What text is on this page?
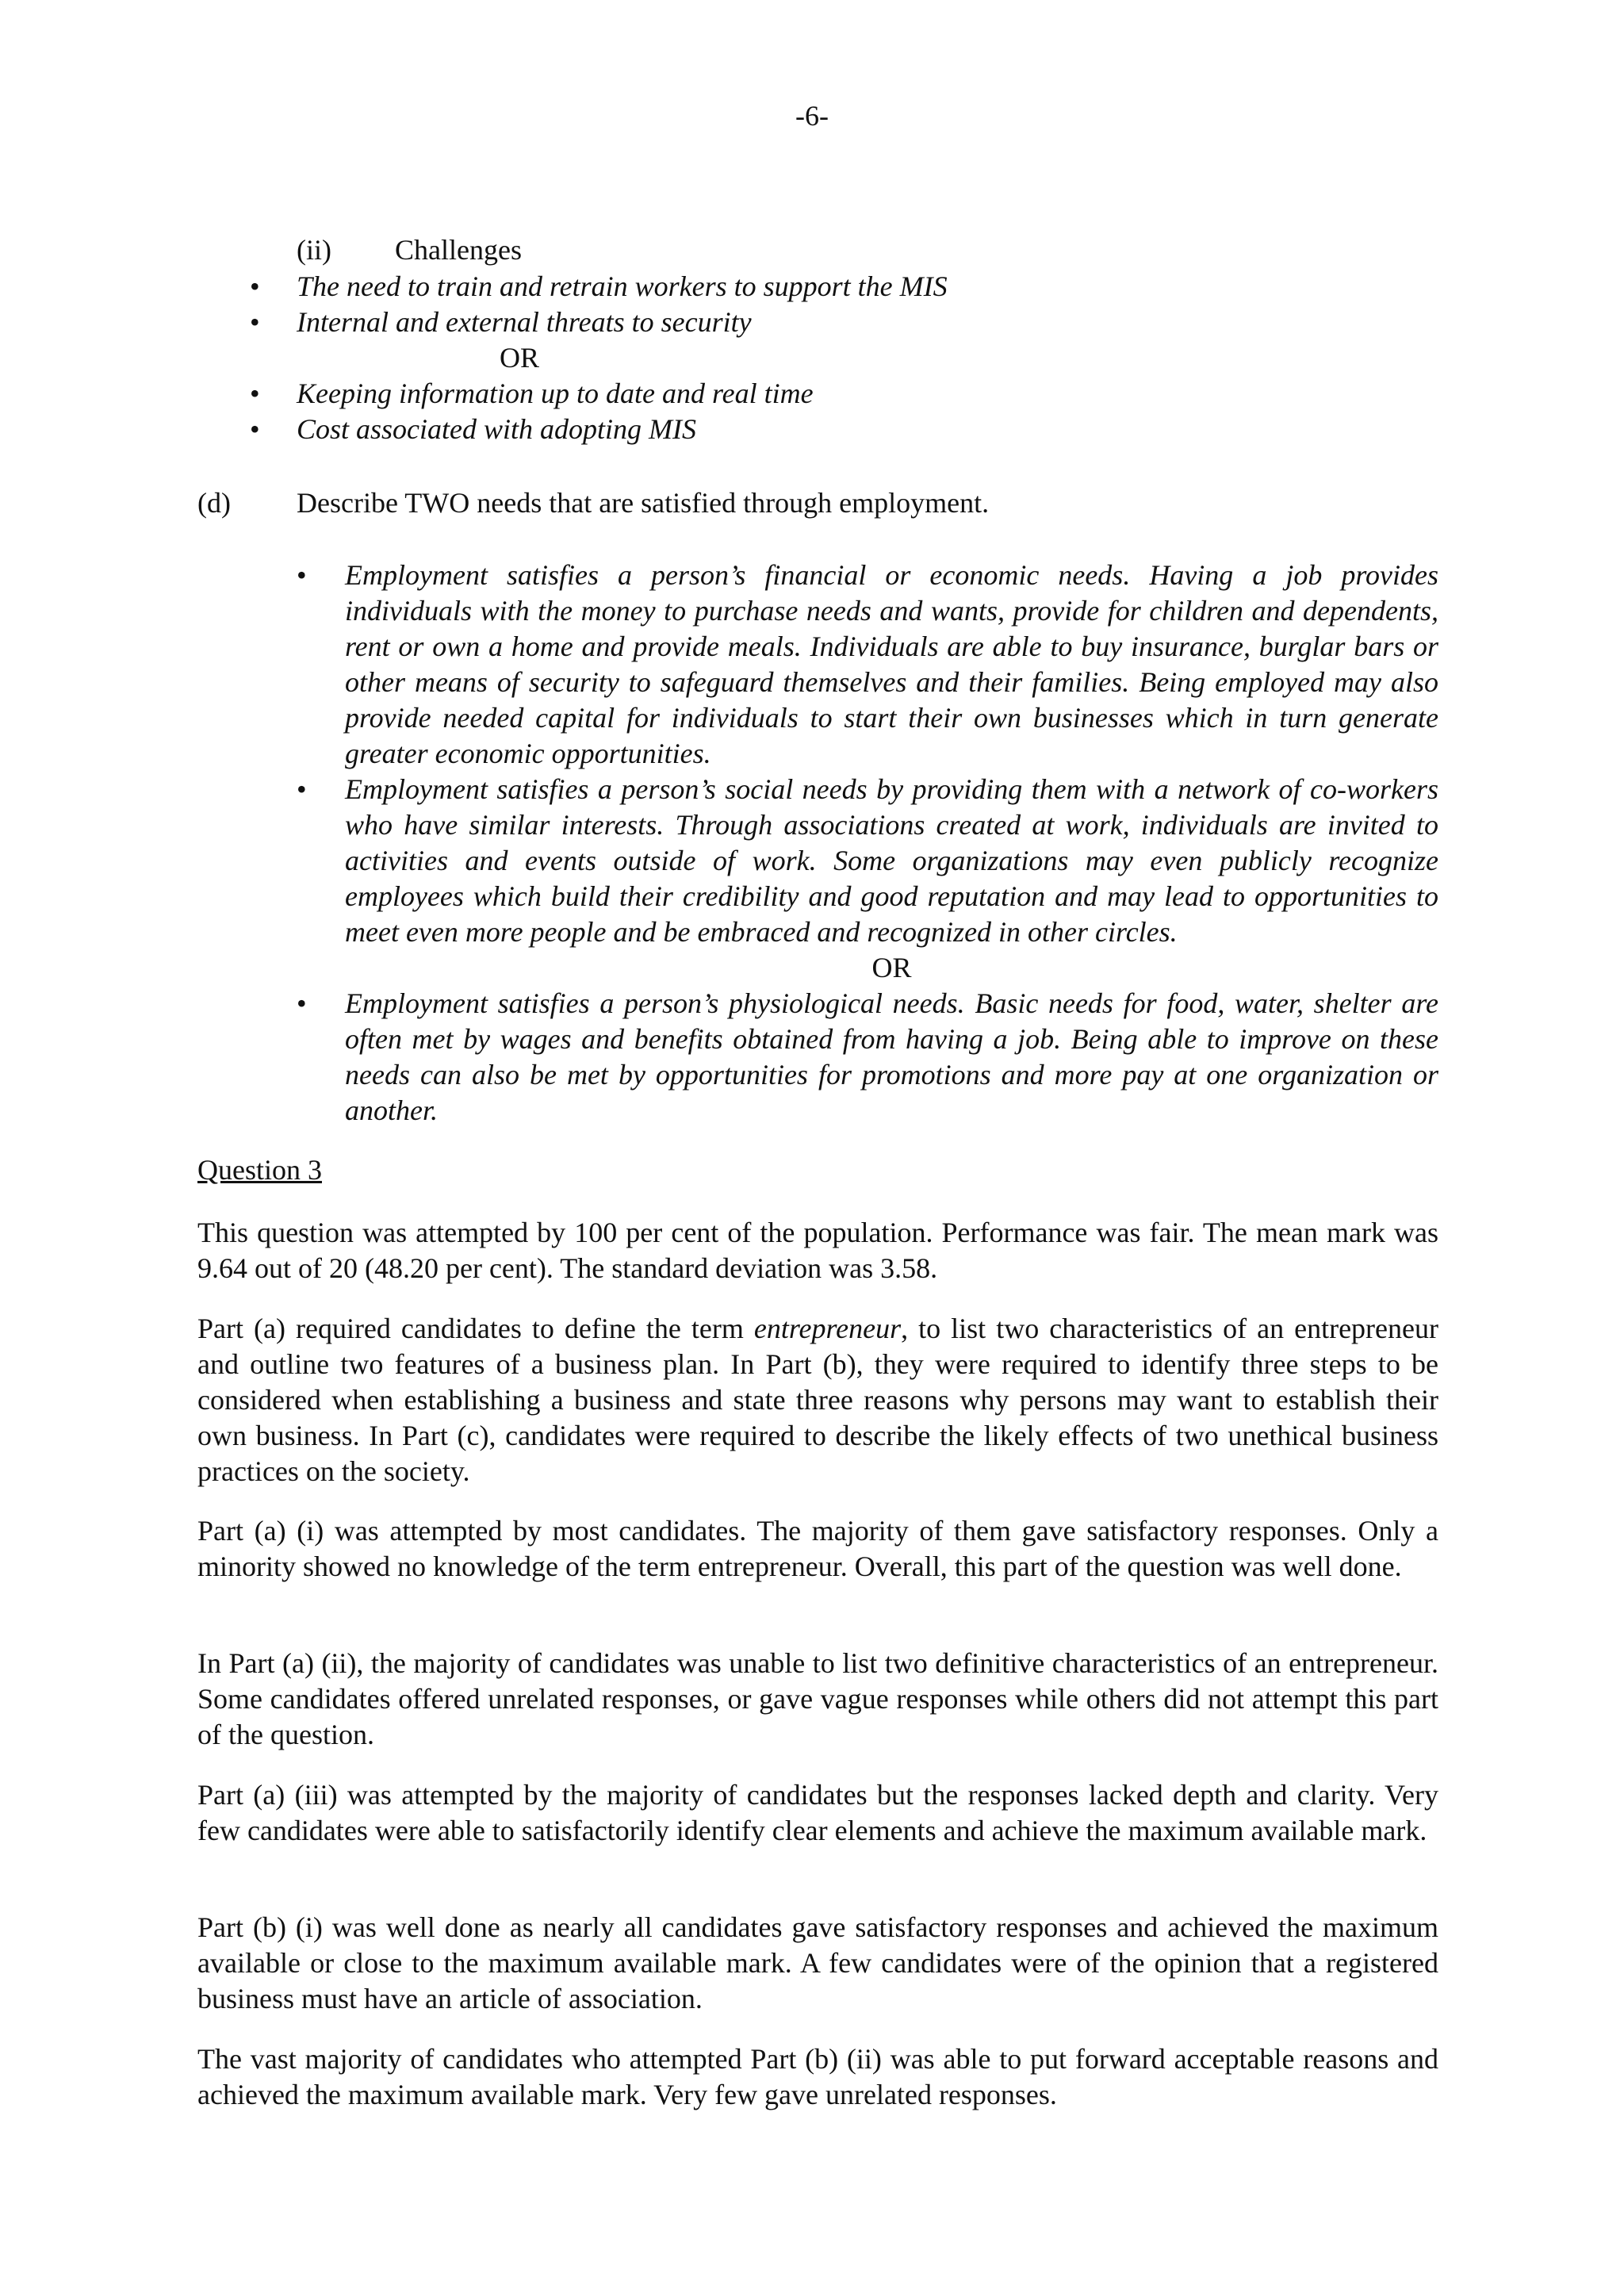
-6-
(ii) Challenges
• The need to train and retrain workers to support the MIS
• Internal and external threats to security
OR
• Keeping information up to date and real time
• Cost associated with adopting MIS
(d) Describe TWO needs that are satisfied through employment.
• Employment satisfies a person’s financial or economic needs. Having a job provides individuals with the money to purchase needs and wants, provide for children and dependents, rent or own a home and provide meals. Individuals are able to buy insurance, burglar bars or other means of security to safeguard themselves and their families. Being employed may also provide needed capital for individuals to start their own businesses which in turn generate greater economic opportunities.
• Employment satisfies a person’s social needs by providing them with a network of co-workers who have similar interests. Through associations created at work, individuals are invited to activities and events outside of work. Some organizations may even publicly recognize employees which build their credibility and good reputation and may lead to opportunities to meet even more people and be embraced and recognized in other circles.
OR
• Employment satisfies a person’s physiological needs. Basic needs for food, water, shelter are often met by wages and benefits obtained from having a job. Being able to improve on these needs can also be met by opportunities for promotions and more pay at one organization or another.
Question 3

This question was attempted by 100 per cent of the population. Performance was fair. The mean mark was 9.64 out of 20 (48.20 per cent). The standard deviation was 3.58.

Part (a) required candidates to define the term entrepreneur, to list two characteristics of an entrepreneur and outline two features of a business plan. In Part (b), they were required to identify three steps to be considered when establishing a business and state three reasons why persons may want to establish their own business. In Part (c), candidates were required to describe the likely effects of two unethical business practices on the society.

Part (a) (i) was attempted by most candidates. The majority of them gave satisfactory responses. Only a minority showed no knowledge of the term entrepreneur. Overall, this part of the question was well done.

In Part (a) (ii), the majority of candidates was unable to list two definitive characteristics of an entrepreneur. Some candidates offered unrelated responses, or gave vague responses while others did not attempt this part of the question.

Part (a) (iii) was attempted by the majority of candidates but the responses lacked depth and clarity. Very few candidates were able to satisfactorily identify clear elements and achieve the maximum available mark.

Part (b) (i) was well done as nearly all candidates gave satisfactory responses and achieved the maximum available or close to the maximum available mark. A few candidates were of the opinion that a registered business must have an article of association.

The vast majority of candidates who attempted Part (b) (ii) was able to put forward acceptable reasons and achieved the maximum available mark. Very few gave unrelated responses.
